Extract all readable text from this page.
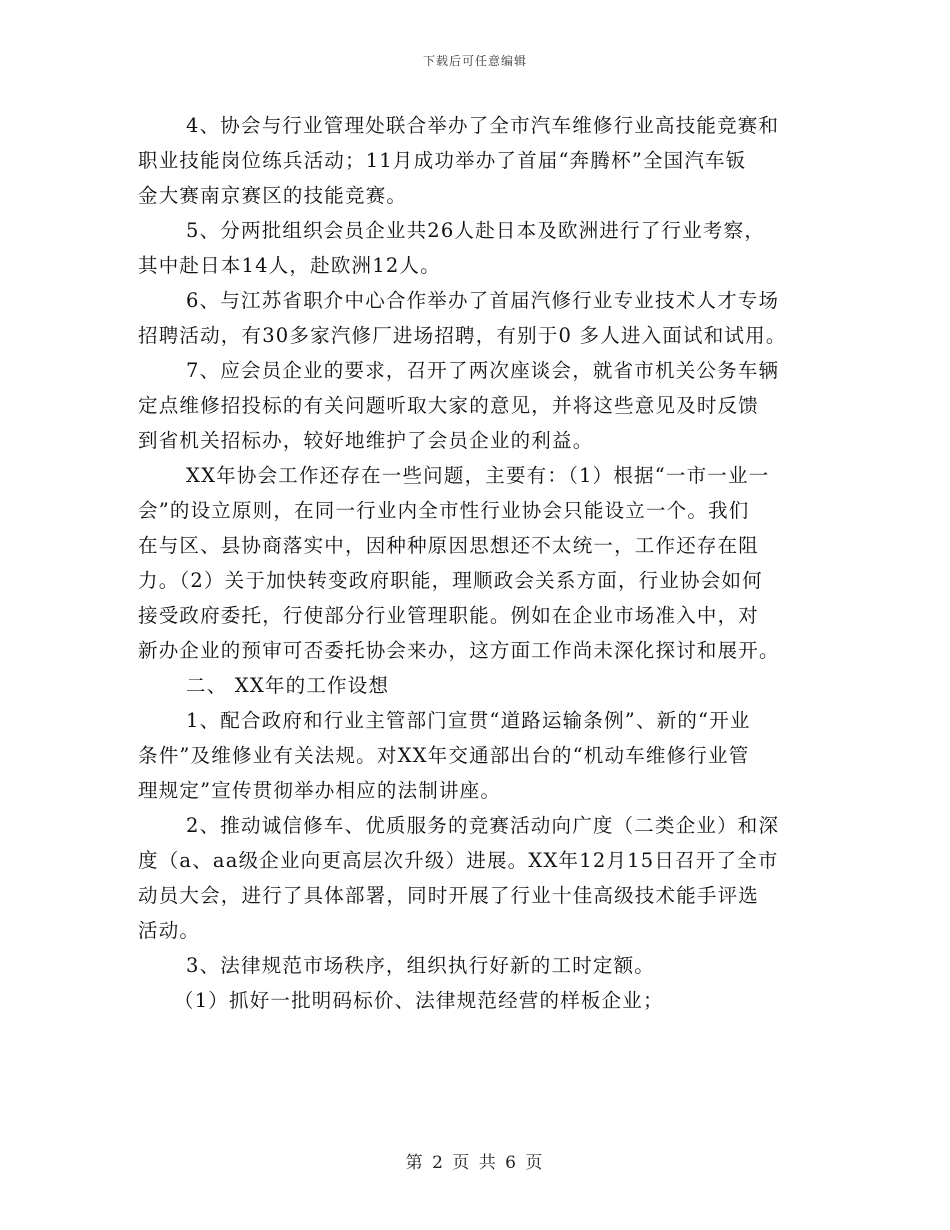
下载后可任意编辑
4、协会与行业管理处联合举办了全市汽车维修行业高技能竞赛和
职业技能岗位练兵活动；11月成功举办了首届“奔腾杯”全国汽车钣
金大赛南京赛区的技能竞赛。
5、分两批组织会员企业共26人赴日本及欧洲进行了行业考察，
其中赴日本14人，赴欧洲12人。
6、与江苏省职介中心合作举办了首届汽修行业专业技术人才专场
招聘活动，有30多家汽修厂进场招聘，有别于0 多人进入面试和试用。
7、应会员企业的要求，召开了两次座谈会，就省市机关公务车辆
定点维修招投标的有关问题听取大家的意见，并将这些意见及时反馈
到省机关招标办，较好地维护了会员企业的利益。
XX年协会工作还存在一些问题，主要有：（1）根据“一市一业一
会”的设立原则，在同一行业内全市性行业协会只能设立一个。我们
在与区、县协商落实中，因种种原因思想还不太统一，工作还存在阻
力。（2）关于加快转变政府职能，理顺政会关系方面，行业协会如何
接受政府委托，行使部分行业管理职能。例如在企业市场准入中，对
新办企业的预审可否委托协会来办，这方面工作尚未深化探讨和展开。
二、 XX年的工作设想
1、配合政府和行业主管部门宣贯“道路运输条例”、新的“开业
条件”及维修业有关法规。对XX年交通部出台的“机动车维修行业管
理规定”宣传贯彻举办相应的法制讲座。
2、推动诚信修车、优质服务的竞赛活动向广度（二类企业）和深
度（a、aa级企业向更高层次升级）进展。XX年12月15日召开了全市
动员大会，进行了具体部署，同时开展了行业十佳高级技术能手评选
活动。
3、法律规范市场秩序，组织执行好新的工时定额。
（1）抓好一批明码标价、法律规范经营的样板企业；
第 2 页 共 6 页
